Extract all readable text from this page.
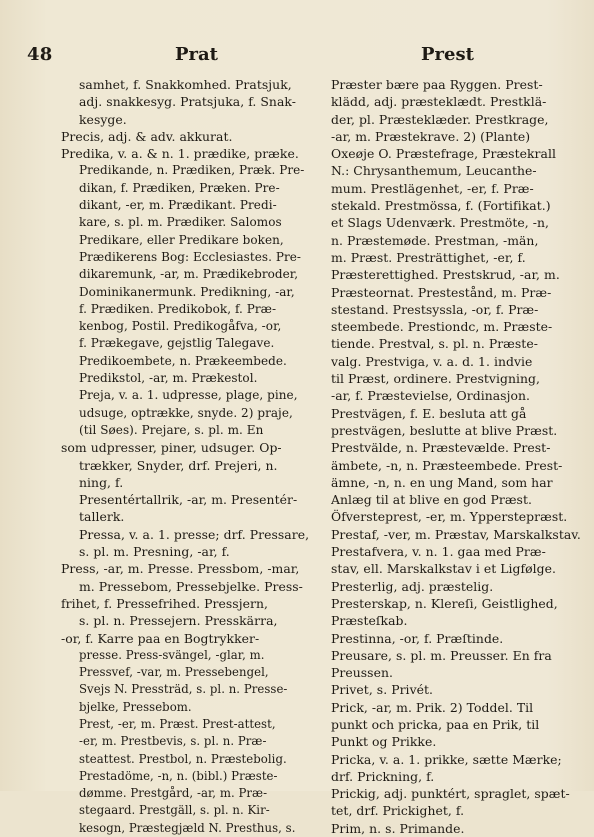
48	Prat	Prest
samhet, f. Snakkomhed. Pratsjuk,
adj. snakkesyg. Pratsjuka, f. Snak-
kesyge.
Precis, adj. & adv. akkurat.
Predika, v. a. & n. 1. prædike, præke.
Predikande, n. Prædiken, Præk. Pre-
dikan, f. Prædiken, Præken. Pre-
dikant, -er, m. Prædikant. Predi-
kare, s. pl. m. Prædiker. Salomos
Predikare, eller Predikare boken,
Prædikerens Bog: Ecclesiastes. Pre-
dikaremunk, -ar, m. Prædikebroder,
Dominikanermunk. Predikning, -ar,
f. Prædiken. Predikobok, f. Præ-
kenbog, Postil. Predikogåfva, -or,
f. Prækegave, gejstlig Talegave.
Predikoembete, n. Prækeembede.
Predikstol, -ar, m. Prækestol.
Preja, v. a. 1. udpresse, plage, pine,
udsuge, optrække, snyde. 2) praje,
(til Søes). Prejare, s. pl. m. En
som udpresser, piner, udsuger. Op-
trækker, Snyder, drf. Prejeri, n.
ning, f.
Presentértallrik, -ar, m. Presentér-
tallerk.
Pressa, v. a. 1. presse; drf. Pressare,
s. pl. m. Presning, -ar, f.
Press, -ar, m. Presse. Pressbom, -mar,
m. Pressebom, Pressebjelke. Press-
frihet, f. Pressefrihed. Pressjern,
s. pl. n. Pressejern. Presskärra,
-or, f. Karre paa en Bogtrykker-
presse. Press-svängel, -glar, m.
Pressvef, -var, m. Pressebengel,
Svejs N. Pressträd, s. pl. n. Presse-
bjelke, Pressebom.
Prest, -er, m. Præst. Prest-attest,
-er, m. Prestbevis, s. pl. n. Præ-
steattest. Prestbol, n. Præstebolig.
Prestadöme, -n, n. (bibl.) Præste-
dømme. Prestgård, -ar, m. Præ-
stegaard. Prestgäll, s. pl. n. Kir-
kesogn, Præstegjæld N. Presthus, s.
Præster bære paa Ryggen. Prest-
klädd, adj. præsteklædt. Prestklä-
der, pl. Præsteklæder. Prestkrage,
-ar, m. Præstekrave. 2) (Plante)
Oxeøje O. Præstefrage, Præstekrall
N.: Chrysanthemum, Leucanthe-
mum. Prestlägenhet, -er, f. Præ-
stekald. Prestmössa, f. (Fortifikat.)
et Slags Udenværk. Prestmöte, -n,
n. Præstemøde. Prestman, -män,
m. Præst. Presträttighet, -er, f.
Præsterettighed. Prestskrud, -ar, m.
Præsteornat. Prestestånd, m. Præ-
stestand. Prestsyssla, -or, f. Præ-
steembede. Prestiondc, m. Præste-
tiende. Prestval, s. pl. n. Præste-
valg. Prestviga, v. a. d. 1. indvie
til Præst, ordinere. Prestvigning,
-ar, f. Præstevielse, Ordinasjon.
Prestvägen, f. E. besluta att gå
prestvägen, beslutte at blive Præst.
Prestvälde, n. Præstevælde. Prest-
ämbete, -n, n. Præsteembede. Prest-
ämne, -n, n. en ung Mand, som har
Anlæg til at blive en god Præst.
Öfversteprest, -er, m. Ypperstepræst.
Prestaf, -ver, m. Præstav, Marskalkstav.
Prestafvera, v. n. 1. gaa med Præ-
stav, ell. Marskalkstav i et Ligfølge.
Presterlig, adj. præstelig.
Presterskap, n. Klereſi, Geistlighed,
Præsteſkab.
Prestinna, -or, f. Præſtinde.
Preusare, s. pl. m. Preusser. En fra
Preussen.
Privet, s. Privét.
Prick, -ar, m. Prik. 2) Toddel. Til
punkt och pricka, paa en Prik, til
Punkt og Prikke.
Pricka, v. a. 1. prikke, sætte Mærke;
drf. Prickning, f.
Prickig, adj. punktért, spraglet, spæt-
tet, drf. Prickighet, f.
Prim, n. s. Primande.
